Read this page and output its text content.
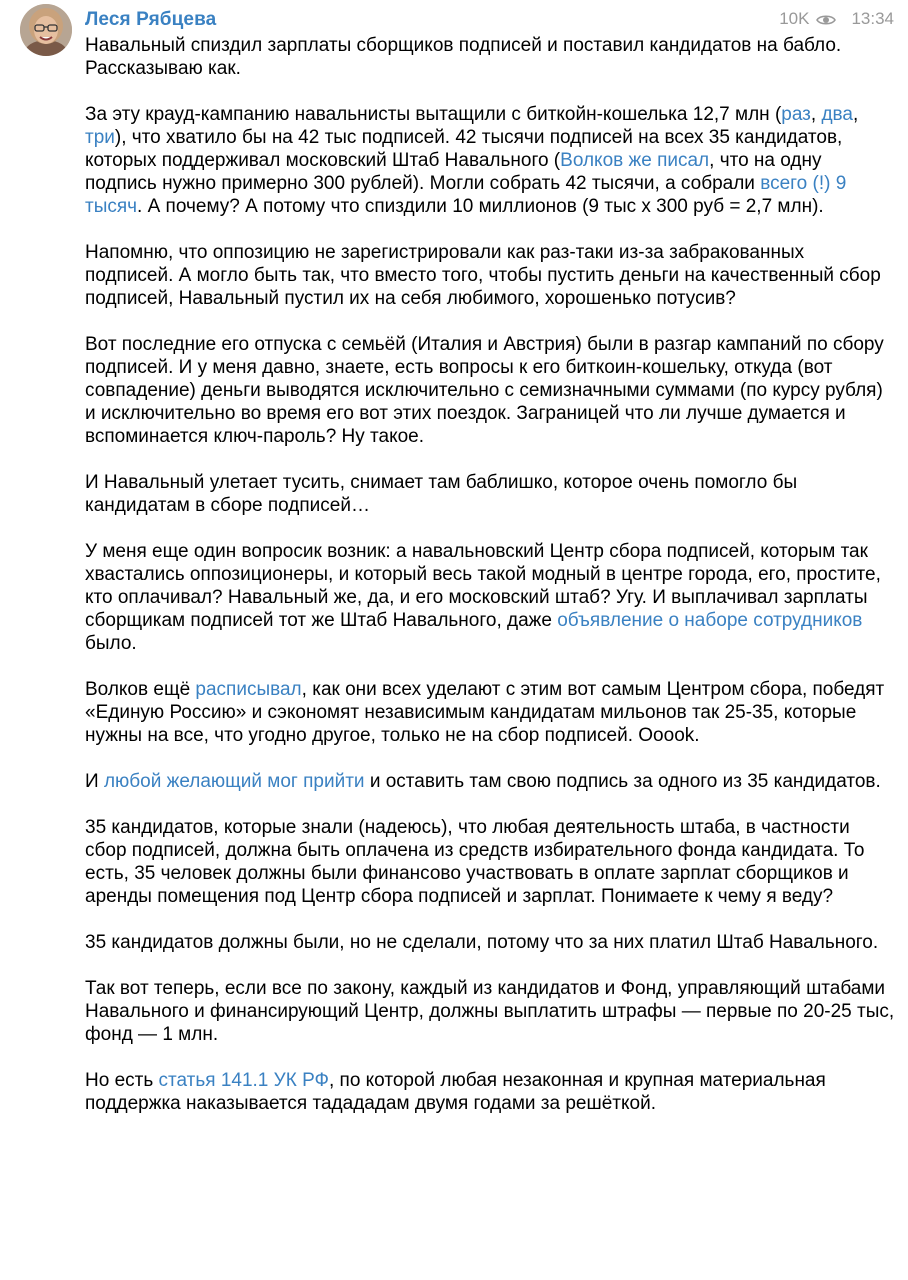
Леся Рябцева	10K 13:34

Навальный спиздил зарплаты сборщиков подписей и поставил кандидатов на бабло. Рассказываю как.

За эту крауд-кампанию навальнисты вытащили с биткойн-кошелька 12,7 млн (раз, два, три), что хватило бы на 42 тыс подписей. 42 тысячи подписей на всех 35 кандидатов, которых поддерживал московский Штаб Навального (Волков же писал, что на одну подпись нужно примерно 300 рублей). Могли собрать 42 тысячи, а собрали всего (!) 9 тысяч. А почему? А потому что спиздили 10 миллионов (9 тыс х 300 руб = 2,7 млн).

Напомню, что оппозицию не зарегистрировали как раз-таки из-за забракованных подписей. А могло быть так, что вместо того, чтобы пустить деньги на качественный сбор подписей, Навальный пустил их на себя любимого, хорошенько потусив?

Вот последние его отпуска с семьёй (Италия и Австрия) были в разгар кампаний по сбору подписей. И у меня давно, знаете, есть вопросы к его биткоин-кошельку, откуда (вот совпадение) деньги выводятся исключительно с семизначными суммами (по курсу рубля) и исключительно во время его вот этих поездок. Заграницей что ли лучше думается и вспоминается ключ-пароль? Ну такое.

И Навальный улетает тусить, снимает там баблишко, которое очень помогло бы кандидатам в сборе подписей…

У меня еще один вопросик возник: а навальновский Центр сбора подписей, которым так хвастались оппозиционеры, и который весь такой модный в центре города, его, простите, кто оплачивал? Навальный же, да, и его московский штаб? Угу. И выплачивал зарплаты сборщикам подписей тот же Штаб Навального, даже объявление о наборе сотрудников было.

Волков ещё расписывал, как они всех уделают с этим вот самым Центром сбора, победят «Единую Россию» и сэкономят независимым кандидатам мильонов так 25-35, которые нужны на все, что угодно другое, только не на сбор подписей. Ооook.

И любой желающий мог прийти и оставить там свою подпись за одного из 35 кандидатов.

35 кандидатов, которые знали (надеюсь), что любая деятельность штаба, в частности сбор подписей, должна быть оплачена из средств избирательного фонда кандидата. То есть, 35 человек должны были финансово участвовать в оплате зарплат сборщиков и аренды помещения под Центр сбора подписей и зарплат. Понимаете к чему я веду?

35 кандидатов должны были, но не сделали, потому что за них платил Штаб Навального.

Так вот теперь, если все по закону, каждый из кандидатов и Фонд, управляющий штабами Навального и финансирующий Центр, должны выплатить штрафы — первые по 20-25 тыс, фонд — 1 млн.

Но есть статья 141.1 УК РФ, по которой любая незаконная и крупная материальная поддержка наказывается тадададам двумя годами за решёткой.
